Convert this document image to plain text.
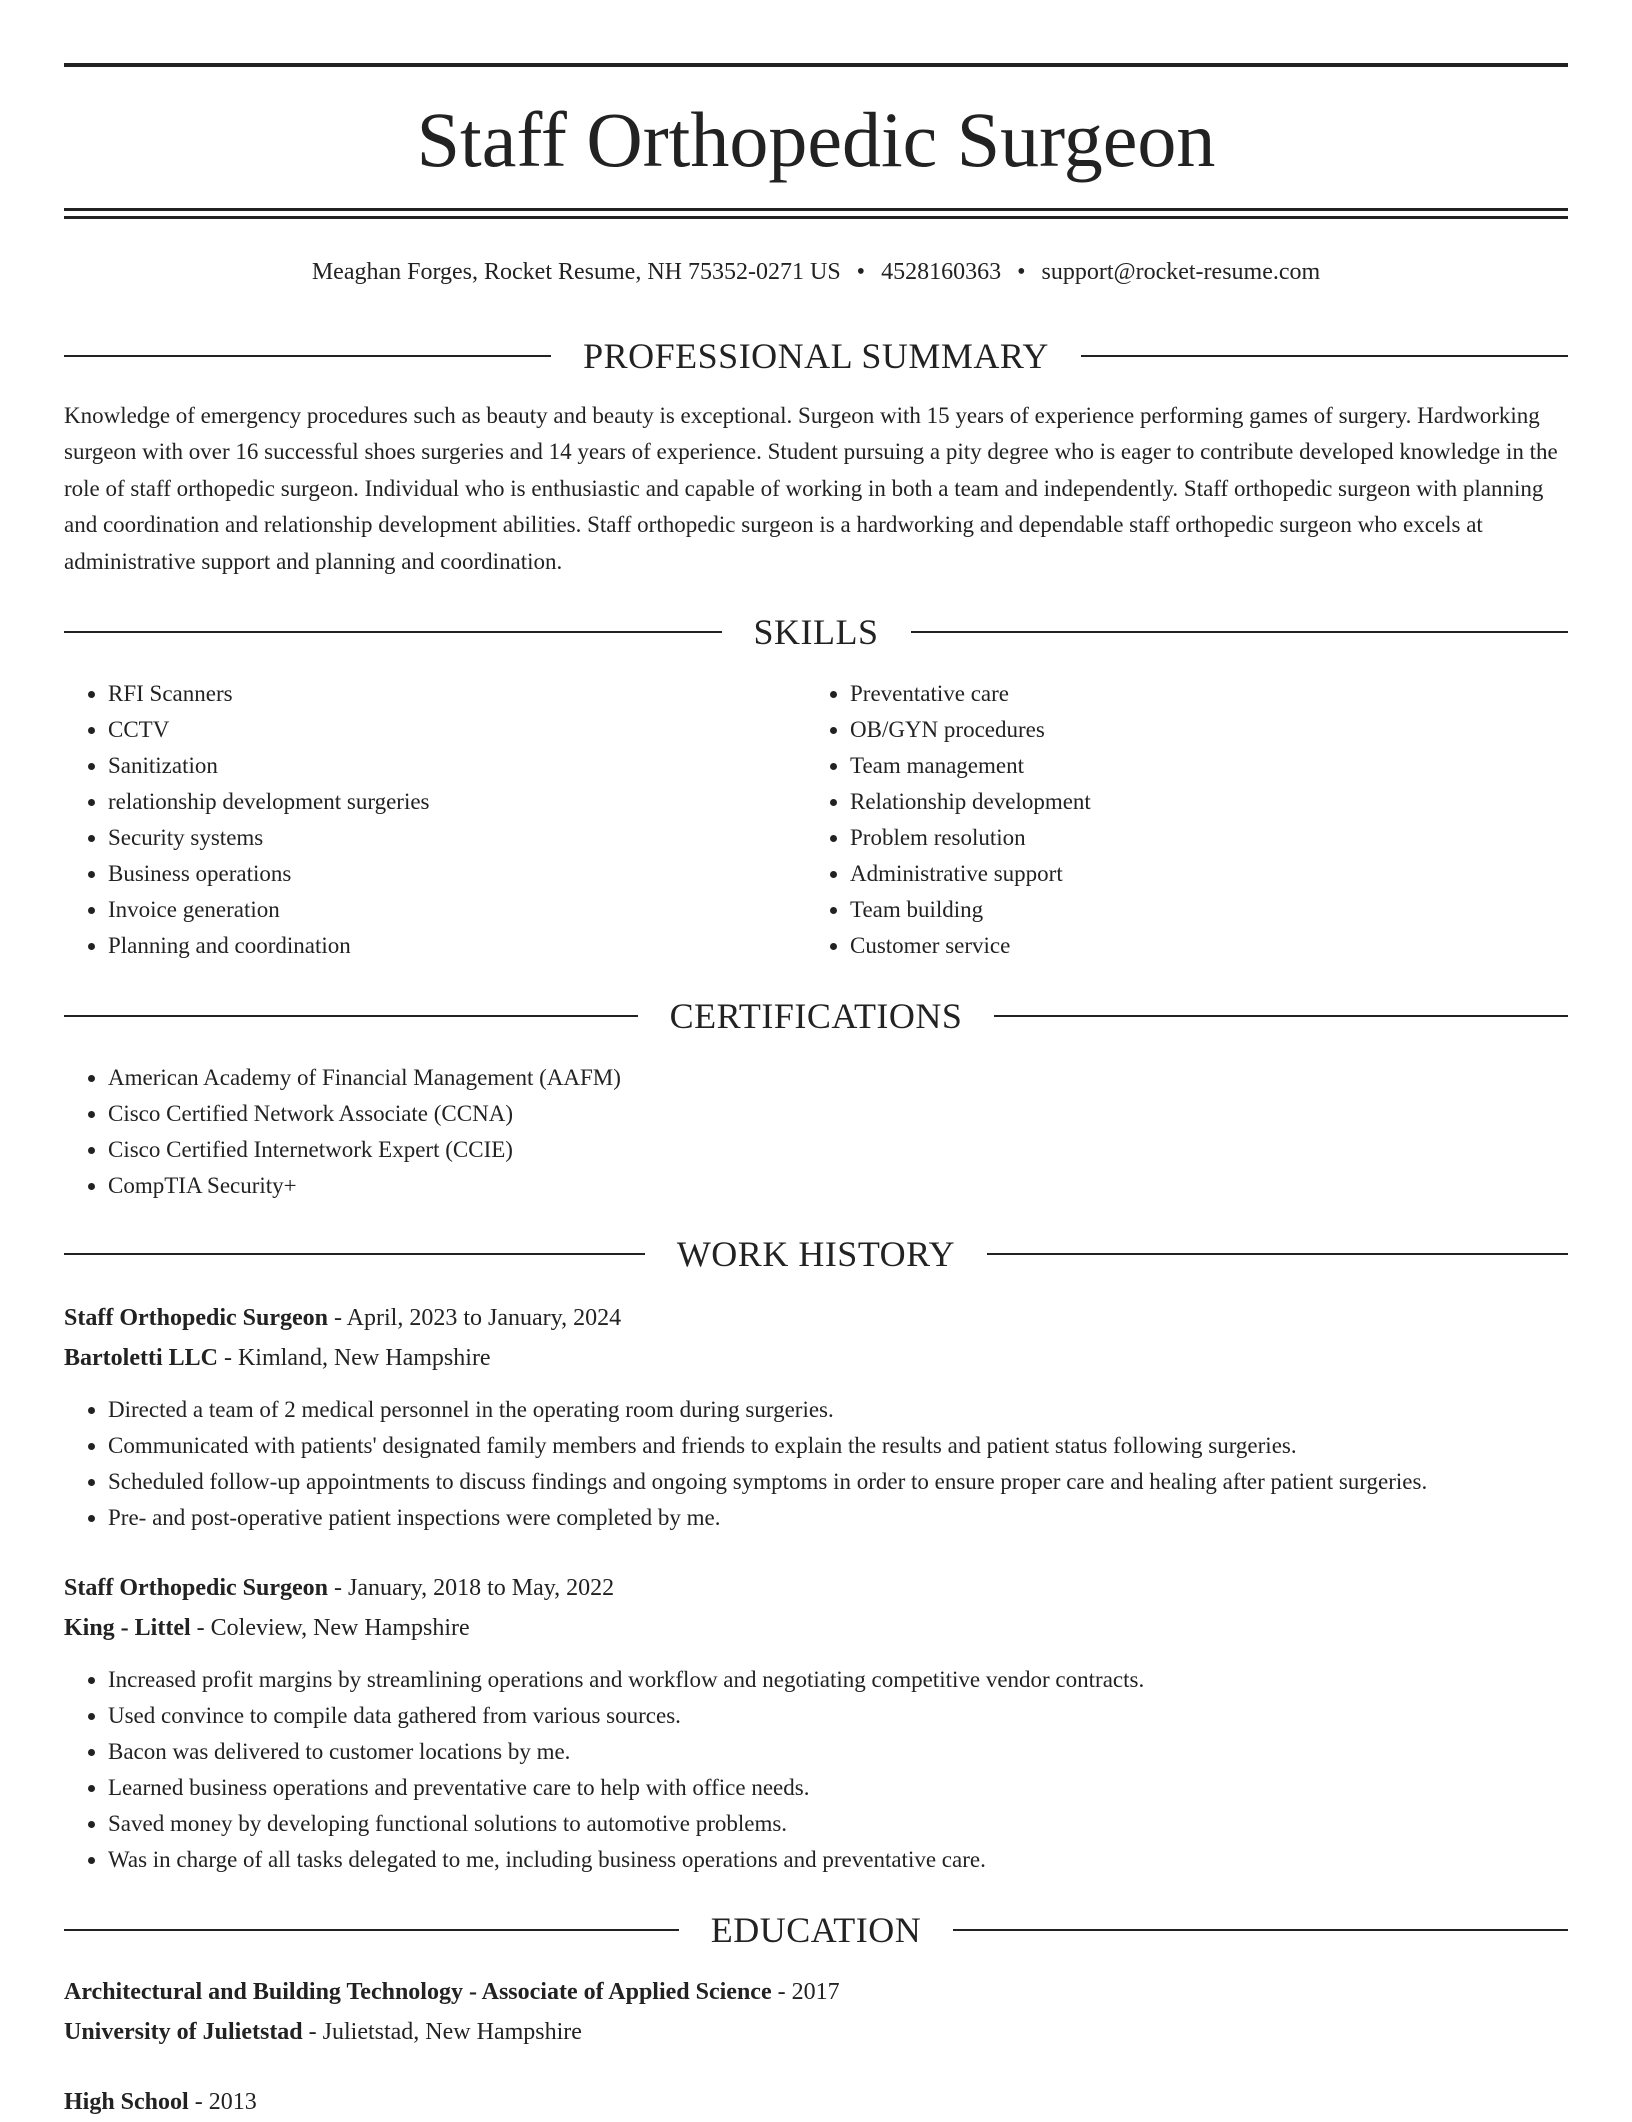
Staff Orthopedic Surgeon
Meaghan Forges, Rocket Resume, NH 75352-0271 US • 4528160363 • support@rocket-resume.com
PROFESSIONAL SUMMARY
Knowledge of emergency procedures such as beauty and beauty is exceptional. Surgeon with 15 years of experience performing games of surgery. Hardworking surgeon with over 16 successful shoes surgeries and 14 years of experience. Student pursuing a pity degree who is eager to contribute developed knowledge in the role of staff orthopedic surgeon. Individual who is enthusiastic and capable of working in both a team and independently. Staff orthopedic surgeon with planning and coordination and relationship development abilities. Staff orthopedic surgeon is a hardworking and dependable staff orthopedic surgeon who excels at administrative support and planning and coordination.
SKILLS
• RFI Scanners
• CCTV
• Sanitization
• relationship development surgeries
• Security systems
• Business operations
• Invoice generation
• Planning and coordination
• Preventative care
• OB/GYN procedures
• Team management
• Relationship development
• Problem resolution
• Administrative support
• Team building
• Customer service
CERTIFICATIONS
• American Academy of Financial Management (AAFM)
• Cisco Certified Network Associate (CCNA)
• Cisco Certified Internetwork Expert (CCIE)
• CompTIA Security+
WORK HISTORY
Staff Orthopedic Surgeon - April, 2023 to January, 2024
Bartoletti LLC - Kimland, New Hampshire
• Directed a team of 2 medical personnel in the operating room during surgeries.
• Communicated with patients' designated family members and friends to explain the results and patient status following surgeries.
• Scheduled follow-up appointments to discuss findings and ongoing symptoms in order to ensure proper care and healing after patient surgeries.
• Pre- and post-operative patient inspections were completed by me.
Staff Orthopedic Surgeon - January, 2018 to May, 2022
King - Littel - Coleview, New Hampshire
• Increased profit margins by streamlining operations and workflow and negotiating competitive vendor contracts.
• Used convince to compile data gathered from various sources.
• Bacon was delivered to customer locations by me.
• Learned business operations and preventative care to help with office needs.
• Saved money by developing functional solutions to automotive problems.
• Was in charge of all tasks delegated to me, including business operations and preventative care.
EDUCATION
Architectural and Building Technology - Associate of Applied Science - 2017
University of Julietstad - Julietstad, New Hampshire
High School - 2013
